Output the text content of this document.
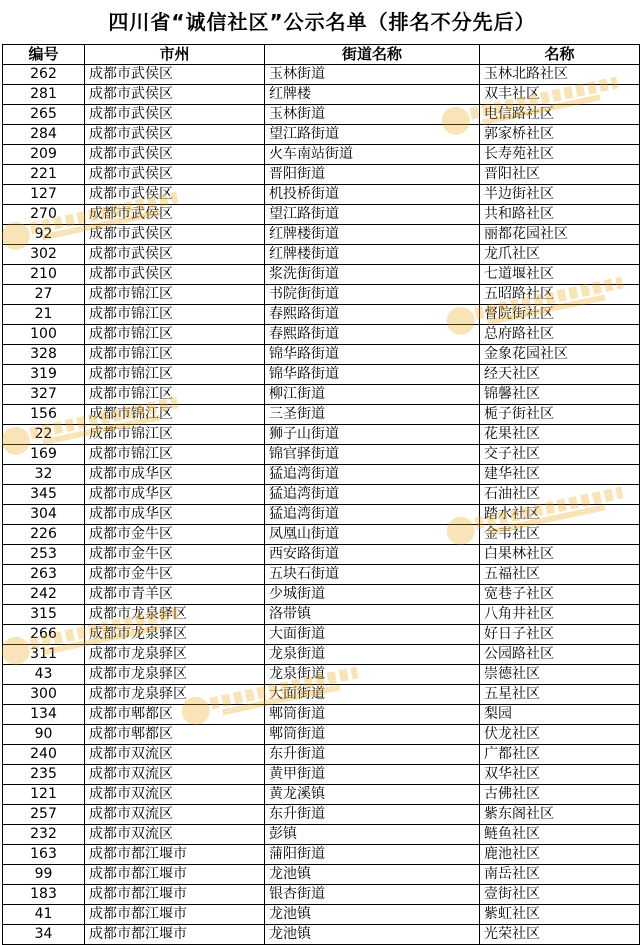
四川省“诚信社区”公示名单（排名不分先后）
编号	市州	街道名称	名称
262	成都市武侯区	玉林街道	玉林北路社区
281	成都市武侯区	红牌楼	双丰社区
265	成都市武侯区	玉林街道	电信路社区
284	成都市武侯区	望江路街道	郭家桥社区
209	成都市武侯区	火车南站街道	长寿苑社区
221	成都市武侯区	晋阳街道	晋阳社区
127	成都市武侯区	机投桥街道	半边街社区
270	成都市武侯区	望江路街道	共和路社区
92	成都市武侯区	红牌楼街道	丽都花园社区
302	成都市武侯区	红牌楼街道	龙爪社区
210	成都市武侯区	浆洗街街道	七道堰社区
27	成都市锦江区	书院街街道	五昭路社区
21	成都市锦江区	春熙路街道	督院街社区
100	成都市锦江区	春熙路街道	总府路社区
328	成都市锦江区	锦华路街道	金象花园社区
319	成都市锦江区	锦华路街道	经天社区
327	成都市锦江区	柳江街道	锦馨社区
156	成都市锦江区	三圣街道	栀子街社区
22	成都市锦江区	狮子山街道	花果社区
169	成都市锦江区	锦官驿街道	交子社区
32	成都市成华区	猛追湾街道	建华社区
345	成都市成华区	猛追湾街道	石油社区
304	成都市成华区	猛追湾街道	踏水社区
226	成都市金牛区	凤凰山街道	金韦社区
253	成都市金牛区	西安路街道	白果林社区
263	成都市金牛区	五块石街道	五福社区
242	成都市青羊区	少城街道	宽巷子社区
315	成都市龙泉驿区	洛带镇	八角井社区
266	成都市龙泉驿区	大面街道	好日子社区
311	成都市龙泉驿区	龙泉街道	公园路社区
43	成都市龙泉驿区	龙泉街道	崇德社区
300	成都市龙泉驿区	大面街道	五星社区
134	成都市郫都区	郫筒街道	梨园
90	成都市郫都区	郫筒街道	伏龙社区
240	成都市双流区	东升街道	广都社区
235	成都市双流区	黄甲街道	双华社区
121	成都市双流区	黄龙溪镇	古佛社区
257	成都市双流区	东升街道	紫东阁社区
232	成都市双流区	彭镇	鲢鱼社区
163	成都市都江堰市	蒲阳街道	鹿池社区
99	成都市都江堰市	龙池镇	南岳社区
183	成都市都江堰市	银杏街道	壹街社区
41	成都市都江堰市	龙池镇	紫虹社区
34	成都市都江堰市	龙池镇	光荣社区
